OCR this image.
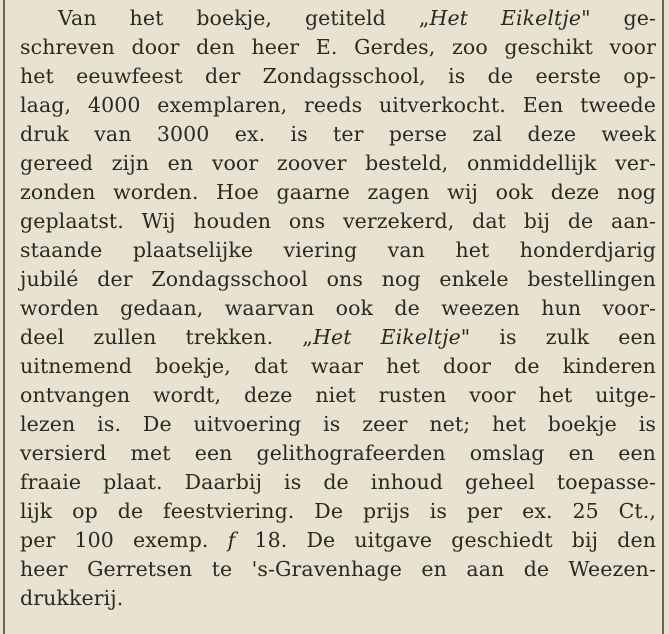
Van het boekje, getiteld „Het Eikeltje" ge-
schreven door den heer E. Gerdes, zoo geschikt voor
het eeuwfeest der Zondagsschool, is de eerste op-
laag, 4000 exemplaren, reeds uitverkocht. Een tweede
druk van 3000 ex. is ter perse zal deze week
gereed zijn en voor zoover besteld, onmiddellijk ver-
zonden worden. Hoe gaarne zagen wij ook deze nog
geplaatst. Wij houden ons verzekerd, dat bij de aan-
staande plaatselijke viering van het honderdjarig
jubilé der Zondagsschool ons nog enkele bestellingen
worden gedaan, waarvan ook de weezen hun voor-
deel zullen trekken. „Het Eikeltje" is zulk een
uitnemend boekje, dat waar het door de kinderen
ontvangen wordt, deze niet rusten voor het uitge-
lezen is. De uitvoering is zeer net; het boekje is
versierd met een gelithografeerden omslag en een
fraaie plaat. Daarbij is de inhoud geheel toepasse-
lijk op de feestviering. De prijs is per ex. 25 Ct.,
per 100 exemp. f 18. De uitgave geschiedt bij den
heer Gerretsen te 's-Gravenhage en aan de Weezen-
drukkerij.
